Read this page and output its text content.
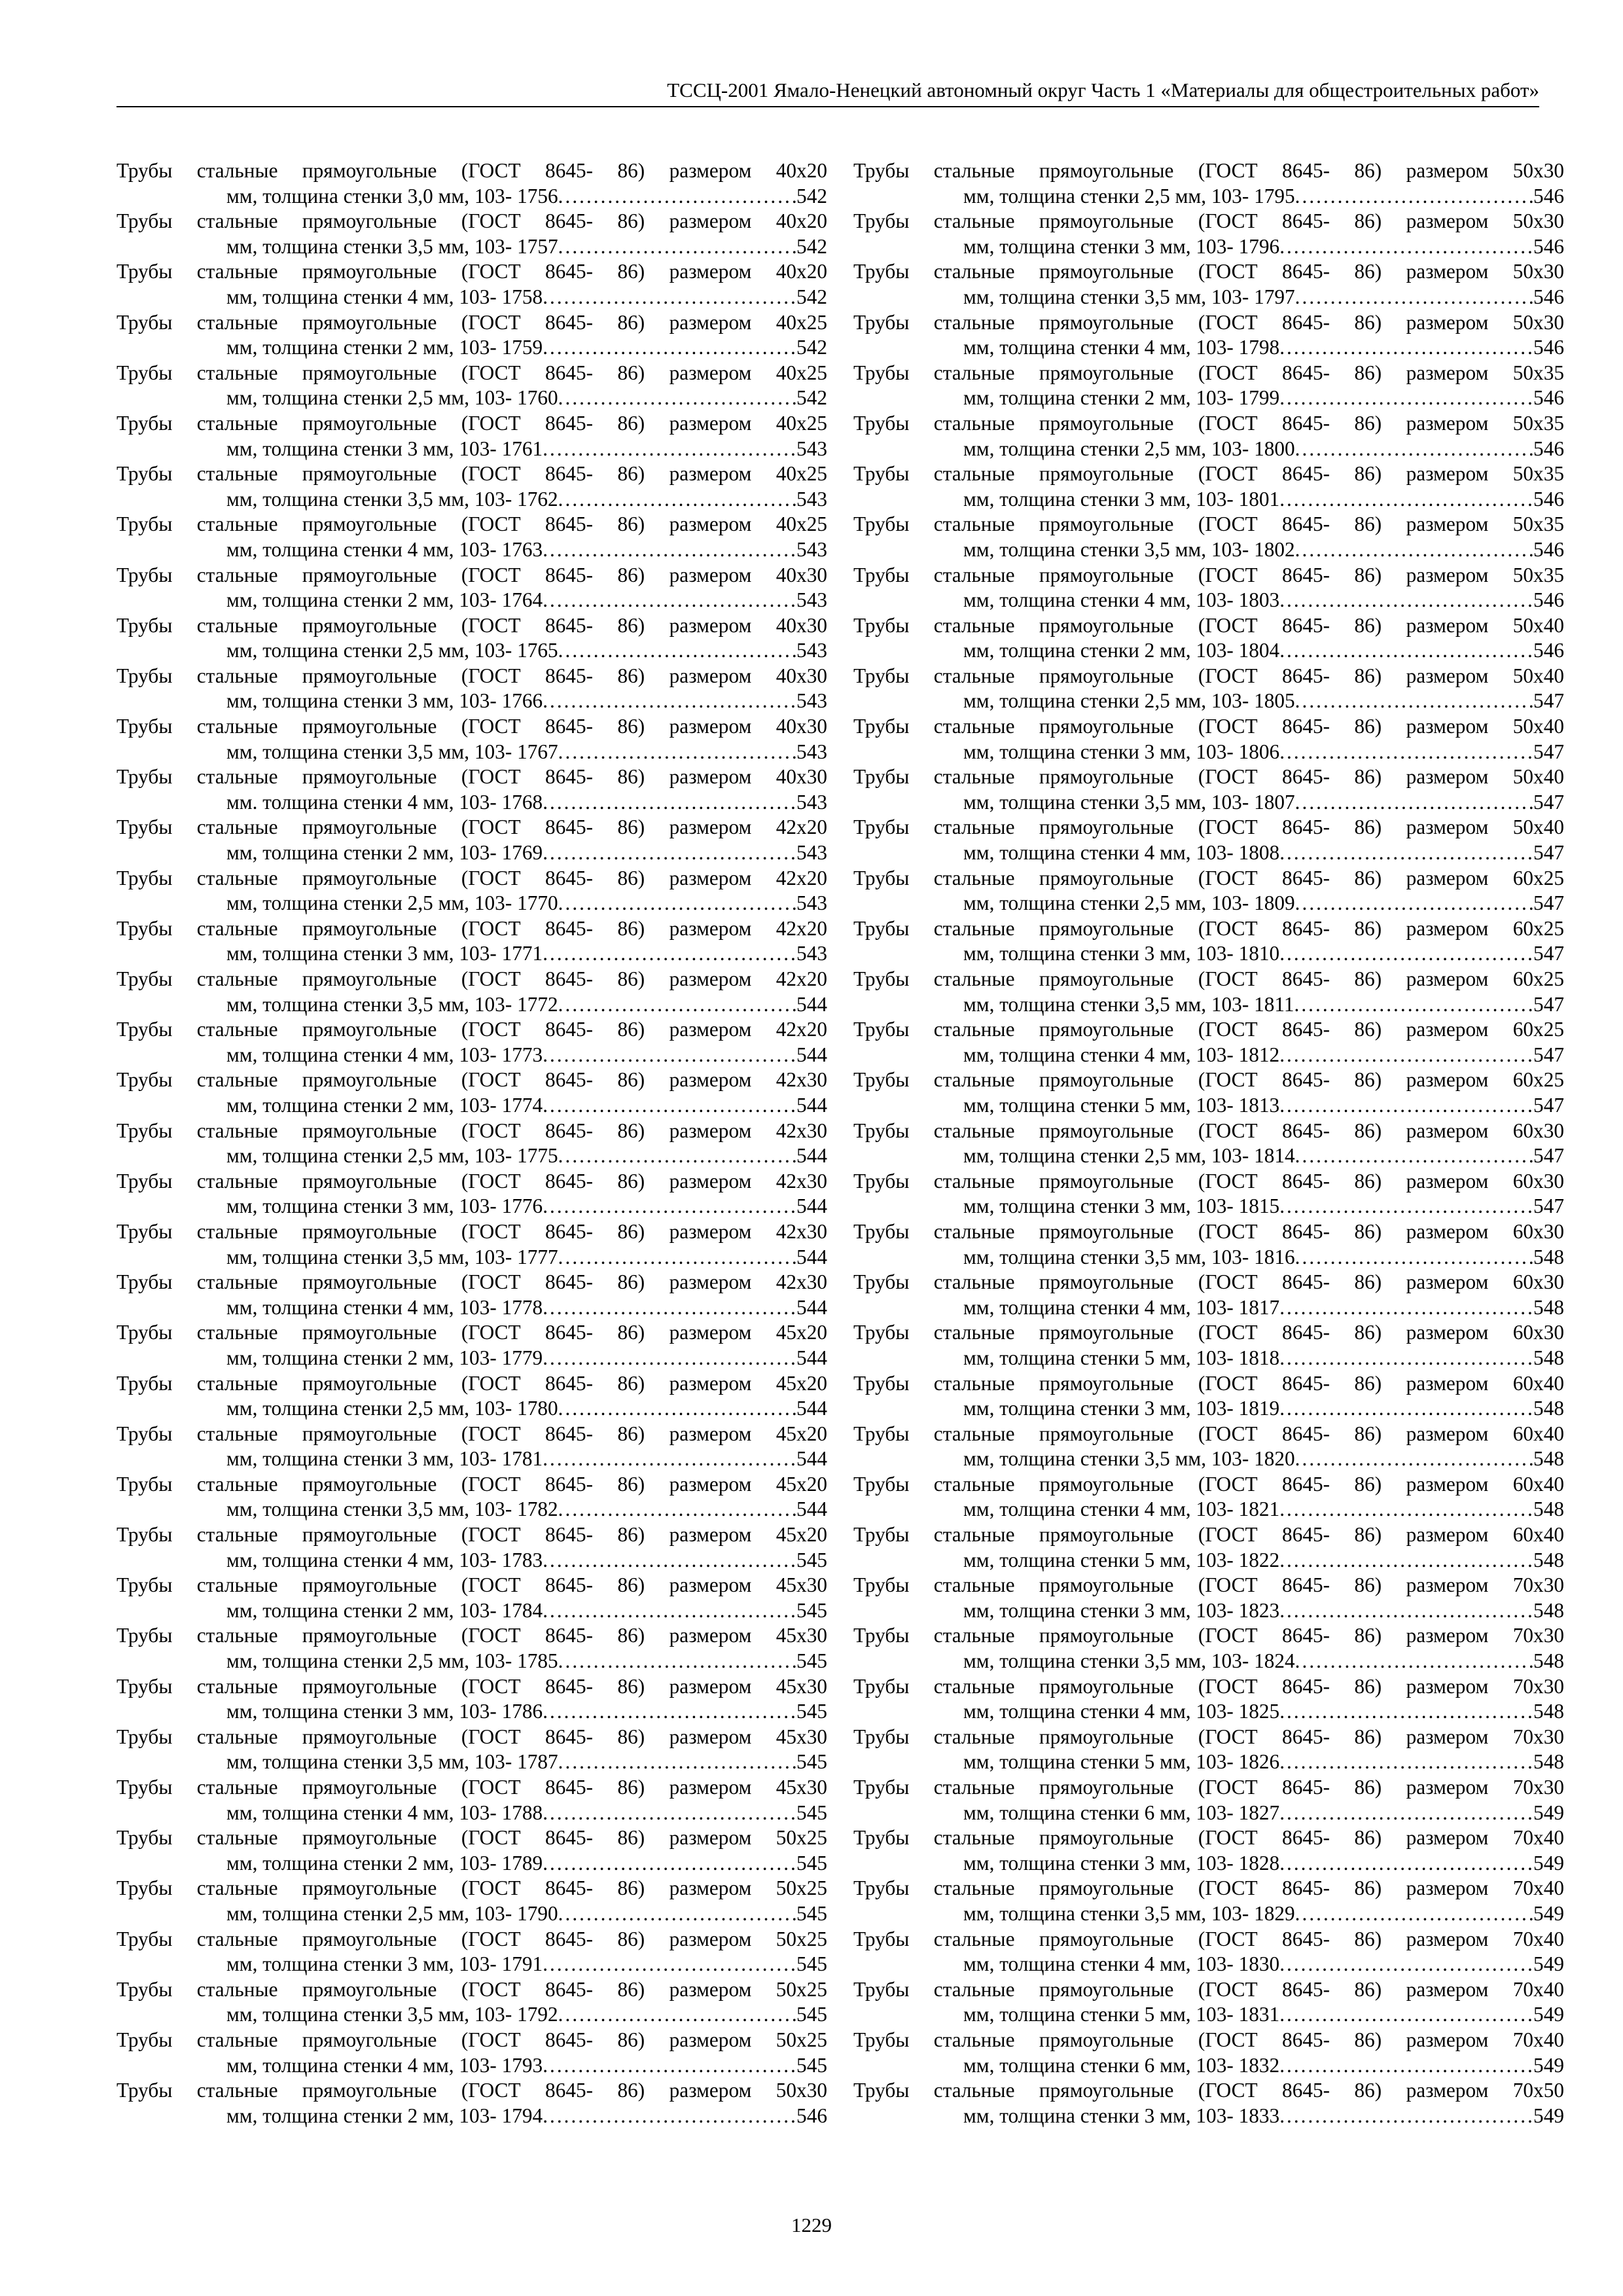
ТССЦ-2001 Ямало-Ненецкий автономный округ Часть 1 «Материалы для общестроительных работ»
Трубы стальные прямоугольные (ГОСТ 8645- 86) размером 40х20
мм, толщина стенки 3,0 мм, 103- 1756 .....	542
Трубы стальные прямоугольные (ГОСТ 8645- 86) размером 40х20
мм, толщина стенки 3,5 мм, 103- 1757 .....	542
Трубы стальные прямоугольные (ГОСТ 8645- 86) размером 40х20
мм, толщина стенки 4 мм, 103- 1758 .....	542
Трубы стальные прямоугольные (ГОСТ 8645- 86) размером 40х25
мм, толщина стенки 2 мм, 103- 1759 .....	542
Трубы стальные прямоугольные (ГОСТ 8645- 86) размером 40х25
мм, толщина стенки 2,5 мм, 103- 1760 .....	542
Трубы стальные прямоугольные (ГОСТ 8645- 86) размером 40х25
мм, толщина стенки 3 мм, 103- 1761 .....	543
Трубы стальные прямоугольные (ГОСТ 8645- 86) размером 40х25
мм, толщина стенки 3,5 мм, 103- 1762 .....	543
Трубы стальные прямоугольные (ГОСТ 8645- 86) размером 40х25
мм, толщина стенки 4 мм, 103- 1763 .....	543
Трубы стальные прямоугольные (ГОСТ 8645- 86) размером 40х30
мм, толщина стенки 2 мм, 103- 1764 .....	543
Трубы стальные прямоугольные (ГОСТ 8645- 86) размером 40х30
мм, толщина стенки 2,5 мм, 103- 1765 .....	543
Трубы стальные прямоугольные (ГОСТ 8645- 86) размером 40х30
мм, толщина стенки 3 мм, 103- 1766 .....	543
Трубы стальные прямоугольные (ГОСТ 8645- 86) размером 40х30
мм, толщина стенки 3,5 мм, 103- 1767 .....	543
Трубы стальные прямоугольные (ГОСТ 8645- 86) размером 40х30
мм. толщина стенки 4 мм, 103- 1768 .....	543
Трубы стальные прямоугольные (ГОСТ 8645- 86) размером 42х20
мм, толщина стенки 2 мм, 103- 1769 .....	543
Трубы стальные прямоугольные (ГОСТ 8645- 86) размером 42х20
мм, толщина стенки 2,5 мм, 103- 1770 .....	543
Трубы стальные прямоугольные (ГОСТ 8645- 86) размером 42х20
мм, толщина стенки 3 мм, 103- 1771 .....	543
Трубы стальные прямоугольные (ГОСТ 8645- 86) размером 42х20
мм, толщина стенки 3,5 мм, 103- 1772 .....	544
Трубы стальные прямоугольные (ГОСТ 8645- 86) размером 42х20
мм, толщина стенки 4 мм, 103- 1773 .....	544
Трубы стальные прямоугольные (ГОСТ 8645- 86) размером 42х30
мм, толщина стенки 2 мм, 103- 1774 .....	544
Трубы стальные прямоугольные (ГОСТ 8645- 86) размером 42х30
мм, толщина стенки 2,5 мм, 103- 1775 .....	544
Трубы стальные прямоугольные (ГОСТ 8645- 86) размером 42х30
мм, толщина стенки 3 мм, 103- 1776 .....	544
Трубы стальные прямоугольные (ГОСТ 8645- 86) размером 42х30
мм, толщина стенки 3,5 мм, 103- 1777 .....	544
Трубы стальные прямоугольные (ГОСТ 8645- 86) размером 42х30
мм, толщина стенки 4 мм, 103- 1778 .....	544
Трубы стальные прямоугольные (ГОСТ 8645- 86) размером 45х20
мм, толщина стенки 2 мм, 103- 1779 .....	544
Трубы стальные прямоугольные (ГОСТ 8645- 86) размером 45х20
мм, толщина стенки 2,5 мм, 103- 1780 .....	544
Трубы стальные прямоугольные (ГОСТ 8645- 86) размером 45х20
мм, толщина стенки 3 мм, 103- 1781 .....	544
Трубы стальные прямоугольные (ГОСТ 8645- 86) размером 45х20
мм, толщина стенки 3,5 мм, 103- 1782 .....	544
Трубы стальные прямоугольные (ГОСТ 8645- 86) размером 45х20
мм, толщина стенки 4 мм, 103- 1783 .....	545
Трубы стальные прямоугольные (ГОСТ 8645- 86) размером 45х30
мм, толщина стенки 2 мм, 103- 1784 .....	545
Трубы стальные прямоугольные (ГОСТ 8645- 86) размером 45х30
мм, толщина стенки 2,5 мм, 103- 1785 .....	545
Трубы стальные прямоугольные (ГОСТ 8645- 86) размером 45х30
мм, толщина стенки 3 мм, 103- 1786 .....	545
Трубы стальные прямоугольные (ГОСТ 8645- 86) размером 45х30
мм, толщина стенки 3,5 мм, 103- 1787 .....	545
Трубы стальные прямоугольные (ГОСТ 8645- 86) размером 45х30
мм, толщина стенки 4 мм, 103- 1788 .....	545
Трубы стальные прямоугольные (ГОСТ 8645- 86) размером 50х25
мм, толщина стенки 2 мм, 103- 1789 .....	545
Трубы стальные прямоугольные (ГОСТ 8645- 86) размером 50х25
мм, толщина стенки 2,5 мм, 103- 1790 .....	545
Трубы стальные прямоугольные (ГОСТ 8645- 86) размером 50х25
мм, толщина стенки 3 мм, 103- 1791 .....	545
Трубы стальные прямоугольные (ГОСТ 8645- 86) размером 50х25
мм, толщина стенки 3,5 мм, 103- 1792 .....	545
Трубы стальные прямоугольные (ГОСТ 8645- 86) размером 50х25
мм, толщина стенки 4 мм, 103- 1793 .....	545
Трубы стальные прямоугольные (ГОСТ 8645- 86) размером 50х30
мм, толщина стенки 2 мм, 103- 1794 .....	546
Трубы стальные прямоугольные (ГОСТ 8645- 86) размером 50х30
мм, толщина стенки 2,5 мм, 103- 1795 .....	546
Трубы стальные прямоугольные (ГОСТ 8645- 86) размером 50х30
мм, толщина стенки 3 мм, 103- 1796 .....	546
Трубы стальные прямоугольные (ГОСТ 8645- 86) размером 50х30
мм, толщина стенки 3,5 мм, 103- 1797 .....	546
Трубы стальные прямоугольные (ГОСТ 8645- 86) размером 50х30
мм, толщина стенки 4 мм, 103- 1798 .....	546
Трубы стальные прямоугольные (ГОСТ 8645- 86) размером 50х35
мм, толщина стенки 2 мм, 103- 1799 .....	546
Трубы стальные прямоугольные (ГОСТ 8645- 86) размером 50х35
мм, толщина стенки 2,5 мм, 103- 1800 .....	546
Трубы стальные прямоугольные (ГОСТ 8645- 86) размером 50х35
мм, толщина стенки 3 мм, 103- 1801 .....	546
Трубы стальные прямоугольные (ГОСТ 8645- 86) размером 50х35
мм, толщина стенки 3,5 мм, 103- 1802 .....	546
Трубы стальные прямоугольные (ГОСТ 8645- 86) размером 50х35
мм, толщина стенки 4 мм, 103- 1803 .....	546
Трубы стальные прямоугольные (ГОСТ 8645- 86) размером 50х40
мм, толщина стенки 2 мм, 103- 1804 .....	546
Трубы стальные прямоугольные (ГОСТ 8645- 86) размером 50х40
мм, толщина стенки 2,5 мм, 103- 1805 .....	547
Трубы стальные прямоугольные (ГОСТ 8645- 86) размером 50х40
мм, толщина стенки 3 мм, 103- 1806 .....	547
Трубы стальные прямоугольные (ГОСТ 8645- 86) размером 50х40
мм, толщина стенки 3,5 мм, 103- 1807 .....	547
Трубы стальные прямоугольные (ГОСТ 8645- 86) размером 50х40
мм, толщина стенки 4 мм, 103- 1808 .....	547
Трубы стальные прямоугольные (ГОСТ 8645- 86) размером 60х25
мм, толщина стенки 2,5 мм, 103- 1809 .....	547
Трубы стальные прямоугольные (ГОСТ 8645- 86) размером 60х25
мм, толщина стенки 3 мм, 103- 1810 .....	547
Трубы стальные прямоугольные (ГОСТ 8645- 86) размером 60х25
мм, толщина стенки 3,5 мм, 103- 1811 .....	547
Трубы стальные прямоугольные (ГОСТ 8645- 86) размером 60х25
мм, толщина стенки 4 мм, 103- 1812 .....	547
Трубы стальные прямоугольные (ГОСТ 8645- 86) размером 60х25
мм, толщина стенки 5 мм, 103- 1813 .....	547
Трубы стальные прямоугольные (ГОСТ 8645- 86) размером 60х30
мм, толщина стенки 2,5 мм, 103- 1814 .....	547
Трубы стальные прямоугольные (ГОСТ 8645- 86) размером 60х30
мм, толщина стенки 3 мм, 103- 1815 .....	547
Трубы стальные прямоугольные (ГОСТ 8645- 86) размером 60х30
мм, толщина стенки 3,5 мм, 103- 1816 .....	548
Трубы стальные прямоугольные (ГОСТ 8645- 86) размером 60х30
мм, толщина стенки 4 мм, 103- 1817 .....	548
Трубы стальные прямоугольные (ГОСТ 8645- 86) размером 60х30
мм, толщина стенки 5 мм, 103- 1818 .....	548
Трубы стальные прямоугольные (ГОСТ 8645- 86) размером 60х40
мм, толщина стенки 3 мм, 103- 1819 .....	548
Трубы стальные прямоугольные (ГОСТ 8645- 86) размером 60х40
мм, толщина стенки 3,5 мм, 103- 1820 .....	548
Трубы стальные прямоугольные (ГОСТ 8645- 86) размером 60х40
мм, толщина стенки 4 мм, 103- 1821 .....	548
Трубы стальные прямоугольные (ГОСТ 8645- 86) размером 60х40
мм, толщина стенки 5 мм, 103- 1822 .....	548
Трубы стальные прямоугольные (ГОСТ 8645- 86) размером 70х30
мм, толщина стенки 3 мм, 103- 1823 .....	548
Трубы стальные прямоугольные (ГОСТ 8645- 86) размером 70х30
мм, толщина стенки 3,5 мм, 103- 1824 .....	548
Трубы стальные прямоугольные (ГОСТ 8645- 86) размером 70х30
мм, толщина стенки 4 мм, 103- 1825 .....	548
Трубы стальные прямоугольные (ГОСТ 8645- 86) размером 70х30
мм, толщина стенки 5 мм, 103- 1826 .....	548
Трубы стальные прямоугольные (ГОСТ 8645- 86) размером 70х30
мм, толщина стенки 6 мм, 103- 1827 .....	549
Трубы стальные прямоугольные (ГОСТ 8645- 86) размером 70х40
мм, толщина стенки 3 мм, 103- 1828 .....	549
Трубы стальные прямоугольные (ГОСТ 8645- 86) размером 70х40
мм, толщина стенки 3,5 мм, 103- 1829 .....	549
Трубы стальные прямоугольные (ГОСТ 8645- 86) размером 70х40
мм, толщина стенки 4 мм, 103- 1830 .....	549
Трубы стальные прямоугольные (ГОСТ 8645- 86) размером 70х40
мм, толщина стенки 5 мм, 103- 1831 .....	549
Трубы стальные прямоугольные (ГОСТ 8645- 86) размером 70х40
мм, толщина стенки 6 мм, 103- 1832 .....	549
Трубы стальные прямоугольные (ГОСТ 8645- 86) размером 70х50
мм, толщина стенки 3 мм, 103- 1833 .....	549
1229
